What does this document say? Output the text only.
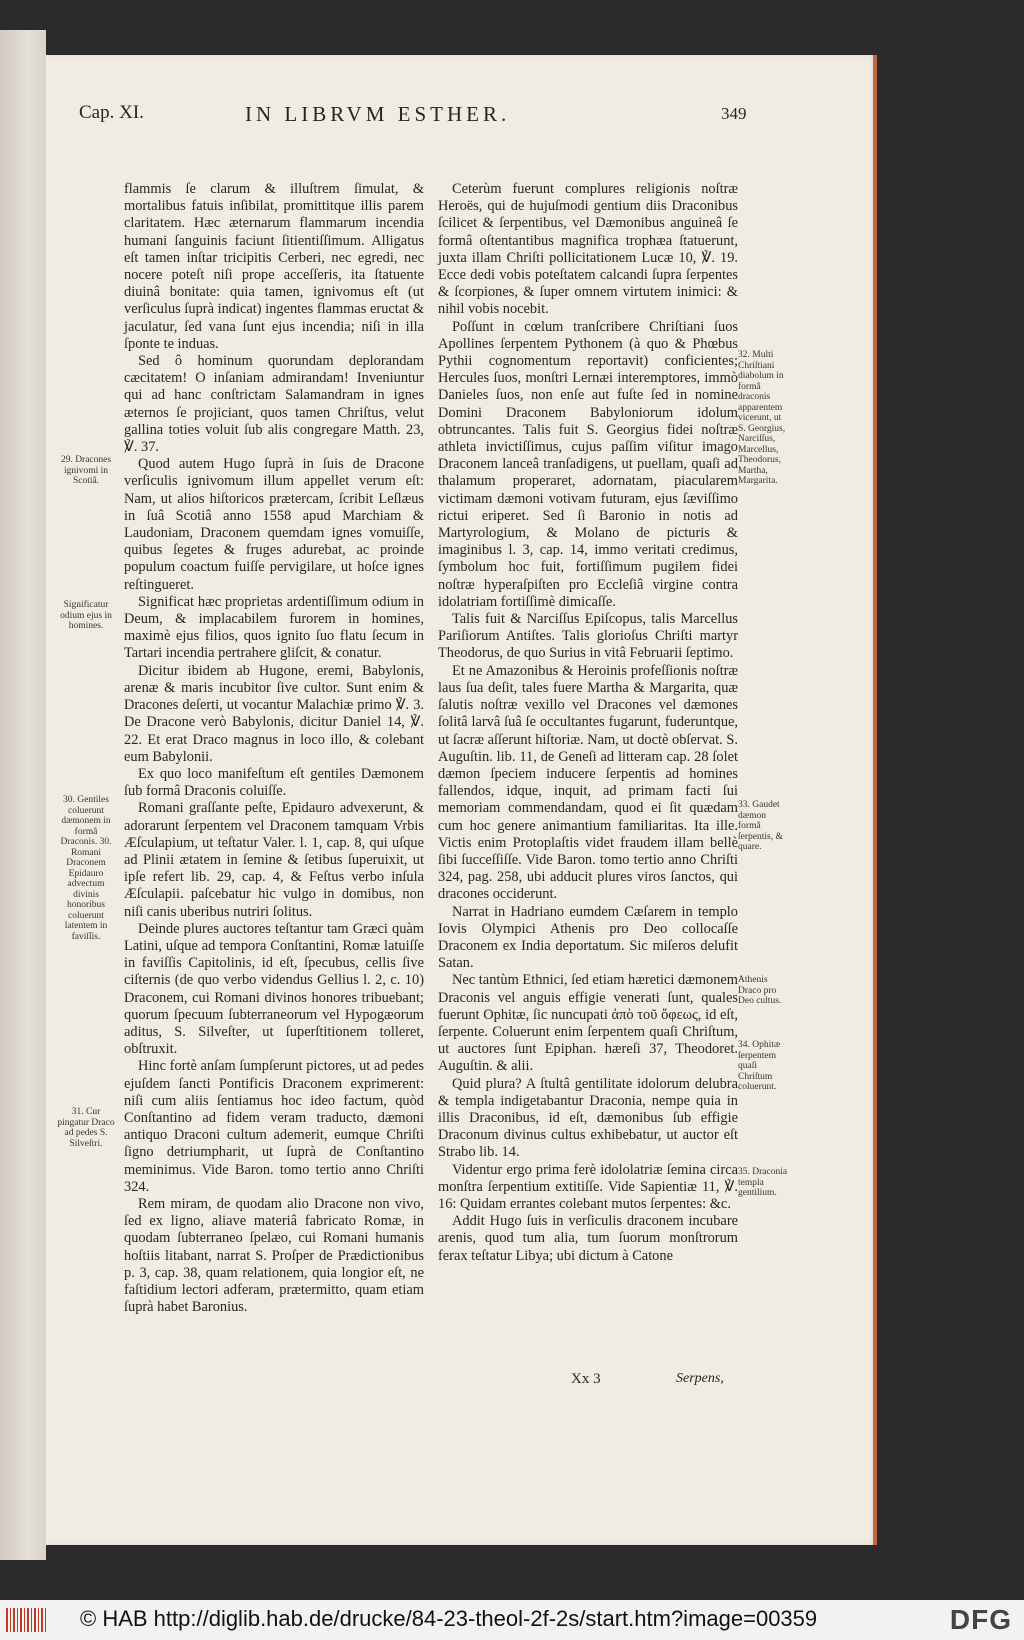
Cap. XI.	IN LIBRVM ESTHER.	349

flammis ſe clarum & illuſtrem ſimulat, & mortalibus fatuis inſibilat, promittitque illis parem claritatem. Hæc æternarum flammarum incendia humani ſanguinis faciunt ſitientiſſimum. Alligatus eſt tamen inſtar tricipitis Cerberi, nec egredi, nec nocere poteſt niſi prope acceſſeris, ita ſtatuente diuinâ bonitate: quia tamen, ignivomus eſt (ut verſiculus ſuprà indicat) ingentes flammas eructat & jaculatur, ſed vana ſunt ejus incendia; niſi in illa ſponte te induas.

Sed ô hominum quorundam deplorandam cæcitatem! O inſaniam admirandam! Inveniuntur qui ad hanc conſtrictam Salamandram in ignes æternos ſe projiciant, quos tamen Chriſtus, velut gallina toties voluit ſub alis congregare Matth. 23, ℣. 37.

Quod autem Hugo ſuprà in ſuis de Dracone verſiculis ignivomum illum appellet verum eſt: Nam, ut alios hiſtoricos prætercam, ſcribit Leſlæus in ſuâ Scotiâ anno 1558 apud Marchiam & Laudoniam, Draconem quemdam ignes vomuiſſe, quibus ſegetes & fruges adurebat, ac proinde populum coactum fuiſſe pervigilare, ut hoſce ignes reſtingueret.

Significat hæc proprietas ardentiſſimum odium in Deum, & implacabilem furorem in homines, maximè ejus filios, quos ignito ſuo flatu ſecum in Tartari incendia pertrahere gliſcit, & conatur.

Dicitur ibidem ab Hugone, eremi, Babylonis, arenæ & maris incubitor ſive cultor. Sunt enim & Dracones deſerti, ut vocantur Malachiæ primo ℣. 3. De Dracone verò Babylonis, dicitur Daniel 14, ℣. 22. Et erat Draco magnus in loco illo, & colebant eum Babylonii.

Ex quo loco manifeſtum eſt gentiles Dæmonem ſub formâ Draconis coluiſſe.

Romani graſſante peſte, Epidauro advexerunt, & adorarunt ſerpentem vel Draconem tamquam Vrbis Æſculapium, ut teſtatur Valer. l. 1, cap. 8, qui uſque ad Plinii ætatem in ſemine & ſetibus ſuperuixit, ut ipſe refert lib. 29, cap. 4, & Feſtus verbo inſula Æſculapii. paſcebatur hic vulgo in domibus, non niſi canis uberibus nutriri ſolitus.

Deinde plures auctores teſtantur tam Græci quàm Latini, uſque ad tempora Conſtantini, Romæ latuiſſe in faviſſis Capitolinis, id eſt, ſpecubus, cellis ſive ciſternis (de quo verbo videndus Gellius l. 2, c. 10) Draconem, cui Romani divinos honores tribuebant; quorum ſpecuum ſubterraneorum vel Hypogæorum aditus, S. Silveſter, ut ſuperſtitionem tolleret, obſtruxit.

Hinc fortè anſam ſumpſerunt pictores, ut ad pedes ejuſdem ſancti Pontificis Draconem exprimerent: niſi cum aliis ſentiamus hoc ideo factum, quòd Conſtantino ad fidem veram traducto, dæmoni antiquo Draconi cultum ademerit, eumque Chriſti ſigno detriumpharit, ut ſuprà de Conſtantino meminimus. Vide Baron. tomo tertio anno Chriſti 324.

Rem miram, de quodam alio Dracone non vivo, ſed ex ligno, aliave materiâ fabricato Romæ, in quodam ſubterraneo ſpelæo, cui Romani humanis hoſtiis litabant, narrat S. Proſper de Prædictionibus p. 3, cap. 38, quam relationem, quia longior eſt, ne faſtidium lectori adferam, prætermitto, quam etiam ſuprà habet Baronius.

Ceterùm fuerunt complures religionis noſtræ Heroës, qui de hujuſmodi gentium diis Draconibus ſcilicet & ſerpentibus, vel Dæmonibus anguineâ ſe formâ oſtentantibus magnifica trophæa ſtatuerunt, juxta illam Chriſti pollicitationem Lucæ 10, ℣. 19. Ecce dedi vobis poteſtatem calcandi ſupra ſerpentes & ſcorpiones, & ſuper omnem virtutem inimici: & nihil vobis nocebit.

Poſſunt in cœlum tranſcribere Chriſtiani ſuos Apollines ſerpentem Pythonem (à quo & Phœbus Pythii cognomentum reportavit) conficientes; Hercules ſuos, monſtri Lernæi interemptores, immò Danieles ſuos, non enſe aut fuſte ſed in nomine Domini Draconem Babyloniorum idolum obtruncantes. Talis fuit S. Georgius fidei noſtræ athleta invictiſſimus, cujus paſſim viſitur imago Draconem lanceâ tranſadigens, ut puellam, quaſi ad thalamum properaret, adornatam, piacularem victimam dæmoni votivam futuram, ejus ſæviſſimo rictui eriperet. Sed ſi Baronio in notis ad Martyrologium, & Molano de picturis & imaginibus l. 3, cap. 14, immo veritati credimus, ſymbolum hoc fuit, fortiſſimum pugilem fidei noſtræ hyperaſpiſten pro Eccleſiâ virgine contra idolatriam fortiſſimè dimicaſſe.

Talis fuit & Narciſſus Epiſcopus, talis Marcellus Pariſiorum Antiſtes. Talis glorioſus Chriſti martyr Theodorus, de quo Surius in vitâ Februarii ſeptimo.

Et ne Amazonibus & Heroinis profeſſionis noſtræ laus ſua deſit, tales fuere Martha & Margarita, quæ ſalutis noſtræ vexillo vel Dracones vel dæmones ſolitâ larvâ ſuâ ſe occultantes fugarunt, fuderuntque, ut ſacræ aſſerunt hiſtoriæ. Nam, ut doctè obſervat. S. Auguſtin. lib. 11, de Geneſi ad litteram cap. 28 ſolet dæmon ſpeciem inducere ſerpentis ad homines fallendos, idque, inquit, ad primam facti ſui memoriam commendandam, quod ei ſit quædam cum hoc genere animantium familiaritas. Ita ille. Victis enim Protoplaſtis videt fraudem illam bellè ſibi ſucceſſiſſe. Vide Baron. tomo tertio anno Chriſti 324, pag. 258, ubi adducit plures viros ſanctos, qui dracones occiderunt.

Narrat in Hadriano eumdem Cæſarem in templo Iovis Olympici Athenis pro Deo collocaſſe Draconem ex India deportatum. Sic miſeros delufit Satan.

Nec tantùm Ethnici, ſed etiam hæretici dæmonem Draconis vel anguis effigie venerati ſunt, quales fuerunt Ophitæ, ſic nuncupati ἀπὸ τοῦ ὄφεως, id eſt, ſerpente. Coluerunt enim ſerpentem quaſi Chriſtum, ut auctores ſunt Epiphan. hæreſi 37, Theodoret. Auguſtin. & alii.

Quid plura? A ſtultâ gentilitate idolorum delubra & templa indigetabantur Draconia, nempe quia in illis Draconibus, id eſt, dæmonibus ſub effigie Draconum divinus cultus exhibebatur, ut auctor eſt Strabo lib. 14.

Videntur ergo prima ferè idololatriæ ſemina circa monſtra ſerpentium extitiſſe. Vide Sapientiæ 11, ℣. 16: Quidam errantes colebant mutos ſerpentes: &c.

Addit Hugo ſuis in verſiculis draconem incubare arenis, quod tum alia, tum ſuorum monſtrorum ferax teſtatur Libya; ubi dictum à Catone

29. Dracones ignivomi in Scotiâ.
Significatur odium ejus in homines.
30. Gentiles coluerunt dæmonem in formâ Draconis. 30. Romani Draconem Epidauro advectum divinis honoribus coluerunt latentem in faviſſis.
31. Cur pingatur Draco ad pedes S. Silveſtri.
32. Multi Chriſtiani diabolum in formâ draconis apparentem vicerunt, ut S. Georgius, Narciſſus, Marcellus, Theodorus, Martha, Margarita.
33. Gaudet dæmon formâ ſerpentis, & quare.
Athenis Draco pro Deo cultus.
34. Ophitæ ſerpentem quaſi Chriſtum coluerunt.
35. Draconia templa gentilium.
Xx 3	Serpens,
© HAB http://diglib.hab.de/drucke/84-23-theol-2f-2s/start.htm?image=00359	DFG
